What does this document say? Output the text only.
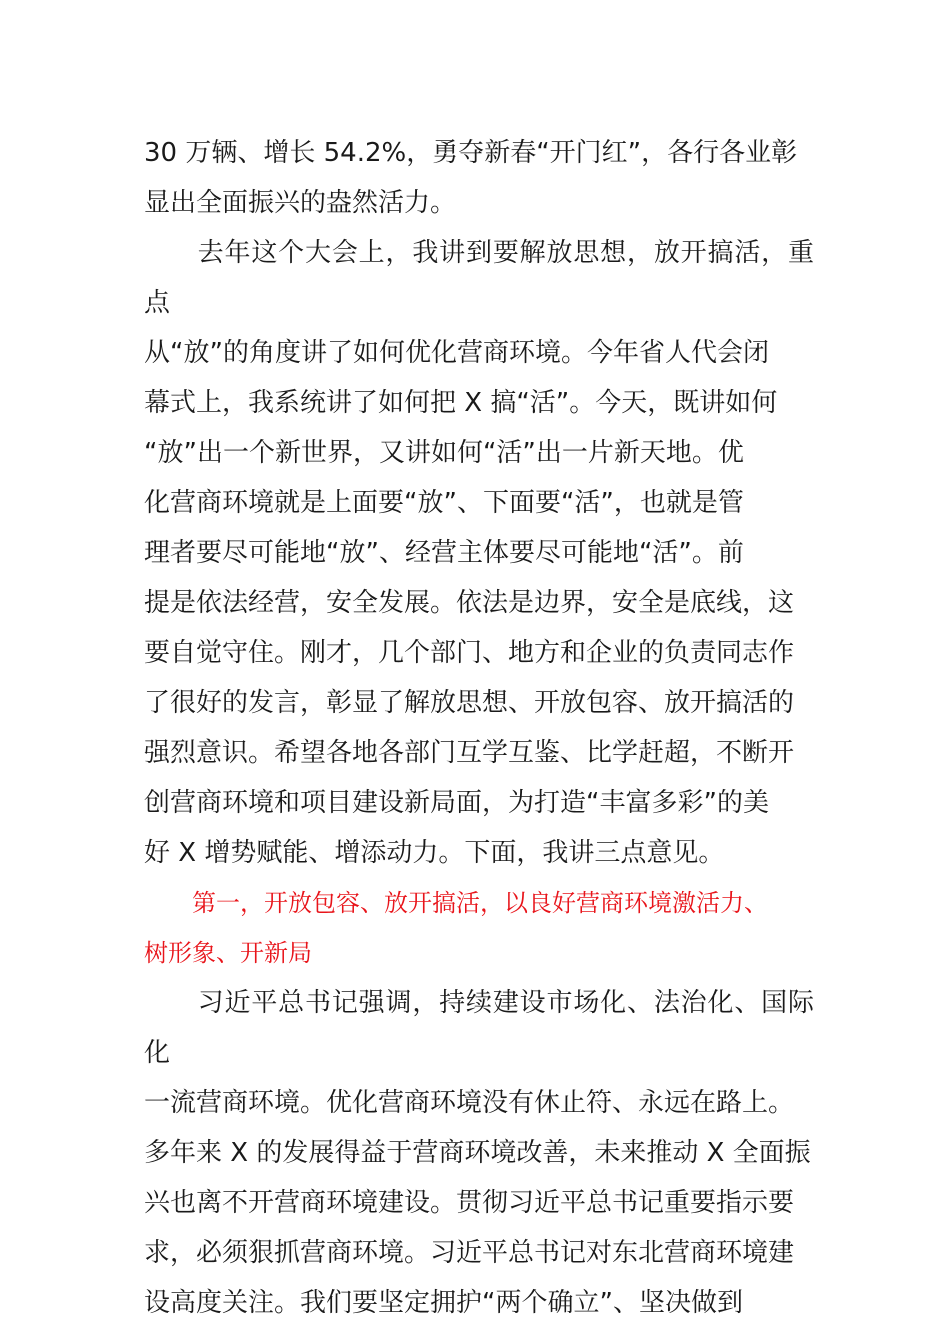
30 万辆、增长 54.2%，勇夺新春“开门红”，各行各业彰
显出全面振兴的盎然活力。

　　去年这个大会上，我讲到要解放思想，放开搞活，重点
从“放”的角度讲了如何优化营商环境。今年省人代会闭
幕式上，我系统讲了如何把 X 搞“活”。今天，既讲如何
“放”出一个新世界，又讲如何“活”出一片新天地。优
化营商环境就是上面要“放”、下面要“活”，也就是管
理者要尽可能地“放”、经营主体要尽可能地“活”。前
提是依法经营，安全发展。依法是边界，安全是底线，这
要自觉守住。刚才，几个部门、地方和企业的负责同志作
了很好的发言，彰显了解放思想、开放包容、放开搞活的
强烈意识。希望各地各部门互学互鉴、比学赶超，不断开
创营商环境和项目建设新局面，为打造“丰富多彩”的美
好 X 增势赋能、增添动力。下面，我讲三点意见。

　　第一，开放包容、放开搞活，以良好营商环境激活力、
树形象、开新局

　　习近平总书记强调，持续建设市场化、法治化、国际化
一流营商环境。优化营商环境没有休止符、永远在路上。
多年来 X 的发展得益于营商环境改善，未来推动 X 全面振
兴也离不开营商环境建设。贯彻习近平总书记重要指示要
求，必须狠抓营商环境。习近平总书记对东北营商环境建
设高度关注。我们要坚定拥护“两个确立”、坚决做到
